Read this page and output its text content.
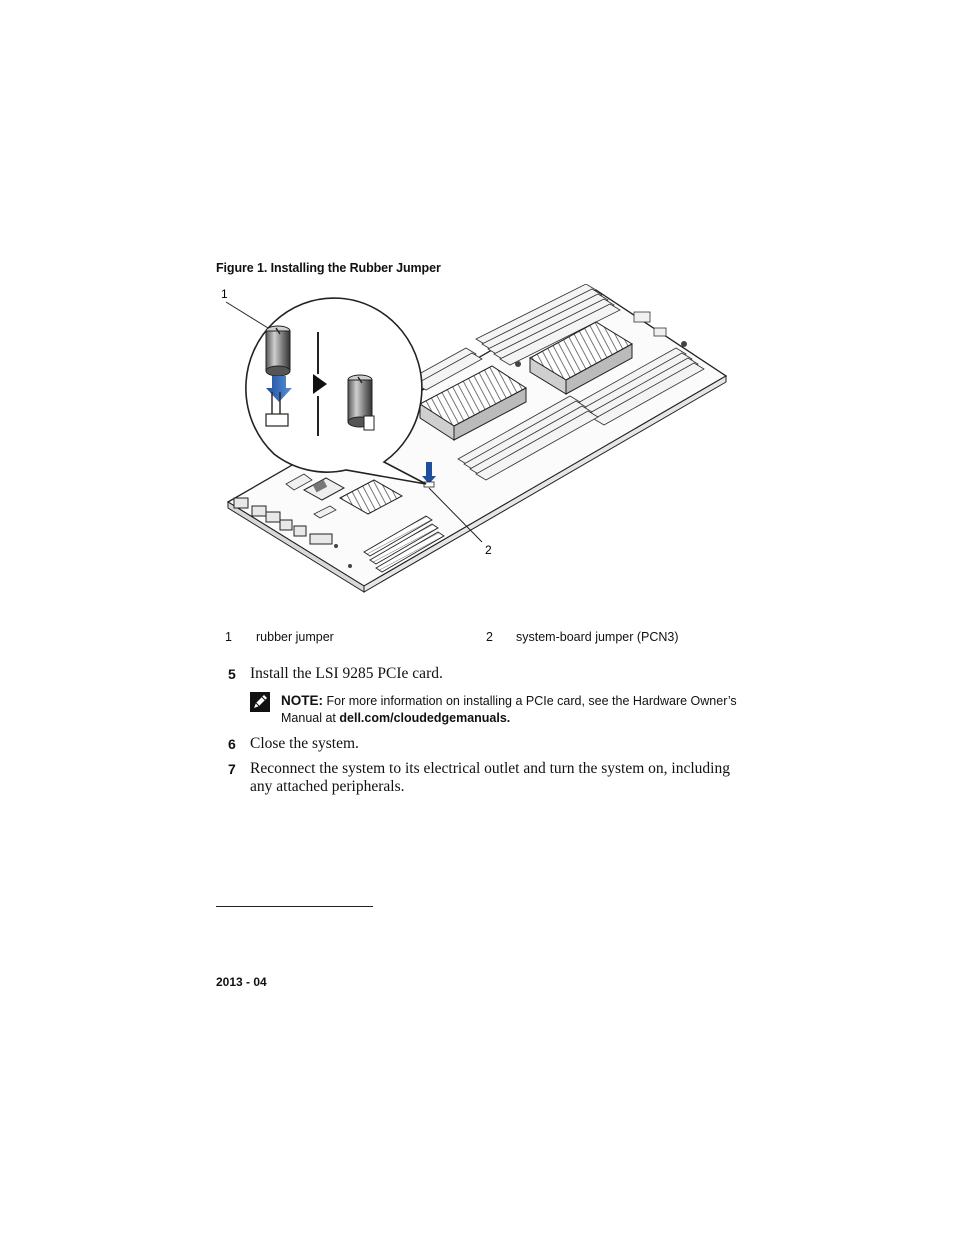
Figure 1. Installing the Rubber Jumper
1
2
1 rubber jumper	2 system-board jumper (PCN3)
5 Install the LSI 9285 PCIe card.
NOTE: For more information on installing a PCIe card, see the Hardware Owner’s Manual at dell.com/cloudedgemanuals.
6 Close the system.
7 Reconnect the system to its electrical outlet and turn the system on, including any attached peripherals.
2013 - 04
